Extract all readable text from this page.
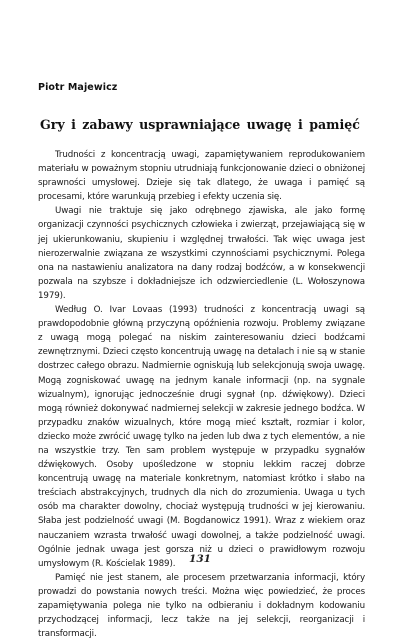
Piotr Majewicz
Gry i zabawy usprawniające uwagę i pamięć

Trudności z koncentracją uwagi, zapamiętywaniem reprodukowaniem materiału w poważnym stopniu utrudniają funkcjonowanie dzieci o obniżonej sprawności umysłowej. Dzieje się tak dlatego, że uwaga i pamięć są procesami, które warunkują przebieg i efekty uczenia się.

Uwagi nie traktuje się jako odrębnego zjawiska, ale jako formę organizacji czynności psychicznych człowieka i zwierząt, przejawiającą się w jej ukierunkowaniu, skupieniu i względnej trwałości. Tak więc uwaga jest nierozerwalnie związana ze wszystkimi czynnościami psychicznymi. Polega ona na nastawieniu analizatora na dany rodzaj bodźców, a w konsekwencji pozwala na szybsze i dokładniejsze ich odzwierciedlenie (L. Wołoszynowa 1979).

Według O. Ivar Lovaas (1993) trudności z koncentracją uwagi są prawdopodobnie główną przyczyną opóźnienia rozwoju. Problemy związane z uwagą mogą polegać na niskim zainteresowaniu dzieci bodźcami zewnętrznymi. Dzieci często koncentrują uwagę na detalach i nie są w stanie dostrzec całego obrazu. Nadmiernie ogniskują lub selekcjonują swoja uwagę. Mogą zogniskować uwagę na jednym kanale informacji (np. na sygnale wizualnym), ignorując jednocześnie drugi sygnał (np. dźwiękowy). Dzieci mogą również dokonywać nadmiernej selekcji w zakresie jednego bodźca. W przypadku znaków wizualnych, które mogą mieć kształt, rozmiar i kolor, dziecko może zwrócić uwagę tylko na jeden lub dwa z tych elementów, a nie na wszystkie trzy. Ten sam problem występuje w przypadku sygnałów dźwiękowych. Osoby upośledzone w stopniu lekkim raczej dobrze koncentrują uwagę na materiale konkretnym, natomiast krótko i słabo na treściach abstrakcyjnych, trudnych dla nich do zrozumienia. Uwaga u tych osób ma charakter dowolny, chociaż występują trudności w jej kierowaniu. Słaba jest podzielność uwagi (M. Bogdanowicz 1991). Wraz z wiekiem oraz nauczaniem wzrasta trwałość uwagi dowolnej, a także podzielność uwagi. Ogólnie jednak uwaga jest gorsza niż u dzieci o prawidłowym rozwoju umysłowym (R. Kościelak 1989).

Pamięć nie jest stanem, ale procesem przetwarzania informacji, który prowadzi do powstania nowych treści. Można więc powiedzieć, że proces zapamiętywania polega nie tylko na odbieraniu i dokładnym kodowaniu przychodzącej informacji, lecz także na jej selekcji, reorganizacji i transformacji.

131
